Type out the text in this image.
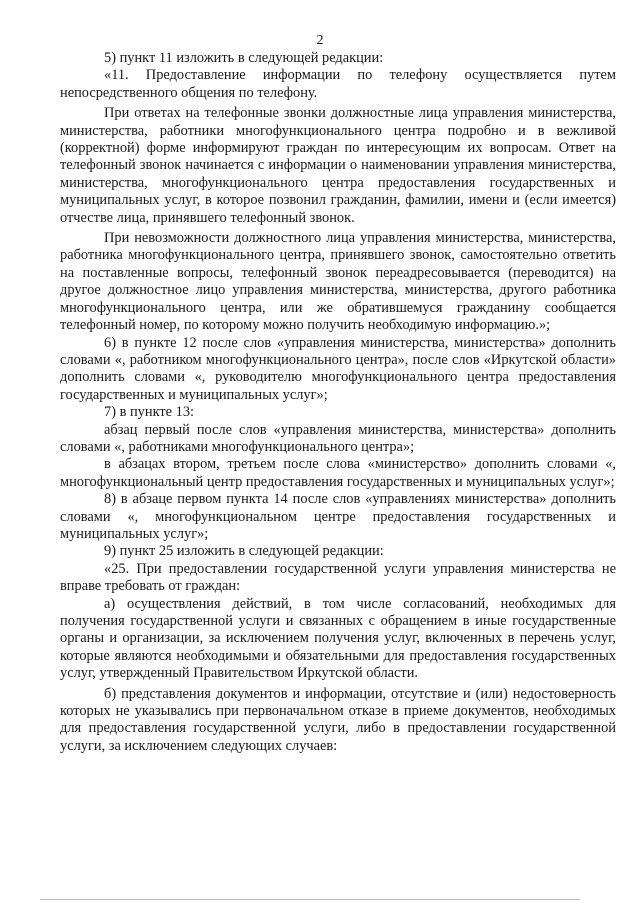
2

5) пункт 11 изложить в следующей редакции:

«11. Предоставление информации по телефону осуществляется путем непосредственного общения по телефону.

При ответах на телефонные звонки должностные лица управления министерства, министерства, работники многофункционального центра подробно и в вежливой (корректной) форме информируют граждан по интересующим их вопросам. Ответ на телефонный звонок начинается с информации о наименовании управления министерства, министерства, многофункционального центра предоставления государственных и муниципальных услуг, в которое позвонил гражданин, фамилии, имени и (если имеется) отчестве лица, принявшего телефонный звонок.

При невозможности должностного лица управления министерства, министерства, работника многофункционального центра, принявшего звонок, самостоятельно ответить на поставленные вопросы, телефонный звонок переадресовывается (переводится) на другое должностное лицо управления министерства, министерства, другого работника многофункционального центра, или же обратившемуся гражданину сообщается телефонный номер, по которому можно получить необходимую информацию.»;

6) в пункте 12 после слов «управления министерства, министерства» дополнить словами «, работником многофункционального центра», после слов «Иркутской области» дополнить словами «, руководителю многофункционального центра предоставления государственных и муниципальных услуг»;

7) в пункте 13:

абзац первый после слов «управления министерства, министерства» дополнить словами «, работниками многофункционального центра»;

в абзацах втором, третьем после слова «министерство» дополнить словами «, многофункциональный центр предоставления государственных и муниципальных услуг»;

8) в абзаце первом пункта 14 после слов «управлениях министерства» дополнить словами «, многофункциональном центре предоставления государственных и муниципальных услуг»;

9) пункт 25 изложить в следующей редакции:

«25. При предоставлении государственной услуги управления министерства не вправе требовать от граждан:

а) осуществления действий, в том числе согласований, необходимых для получения государственной услуги и связанных с обращением в иные государственные органы и организации, за исключением получения услуг, включенных в перечень услуг, которые являются необходимыми и обязательными для предоставления государственных услуг, утвержденный Правительством Иркутской области.

б) представления документов и информации, отсутствие и (или) недостоверность которых не указывались при первоначальном отказе в приеме документов, необходимых для предоставления государственной услуги, либо в предоставлении государственной услуги, за исключением следующих случаев:
